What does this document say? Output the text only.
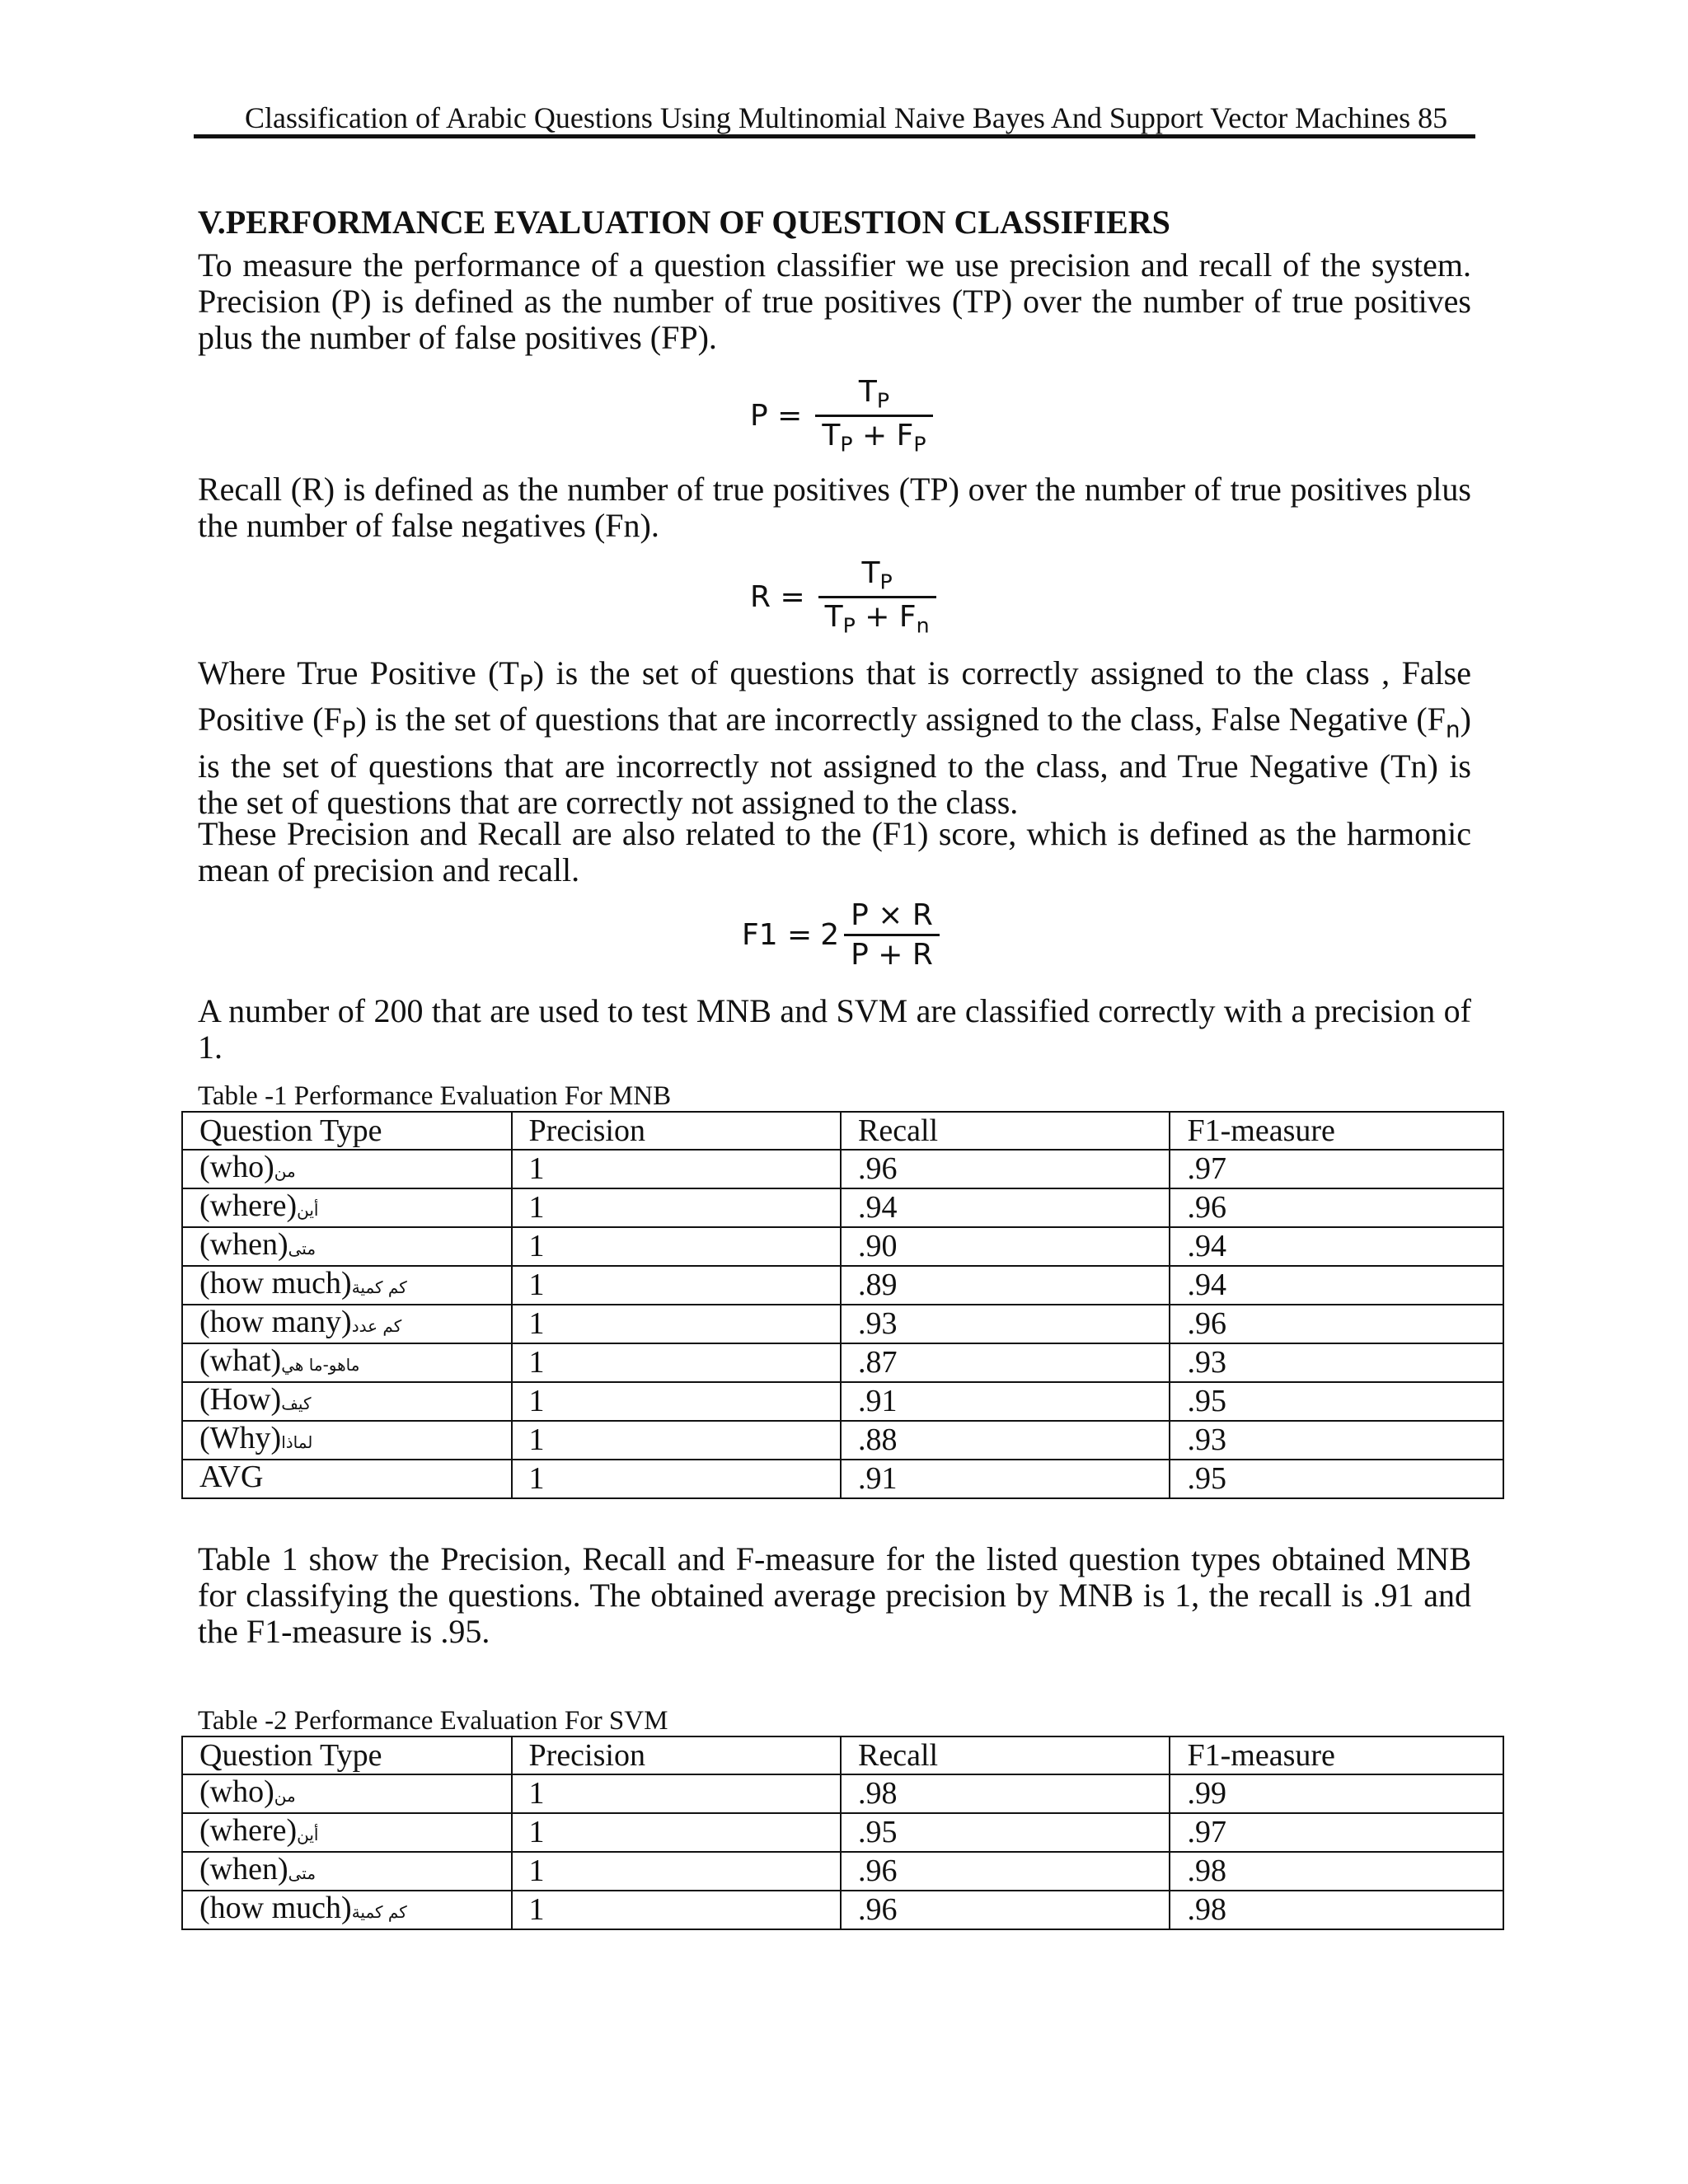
Classification of Arabic Questions Using Multinomial Naive Bayes And Support Vector Machines 85
V.PERFORMANCE EVALUATION OF QUESTION CLASSIFIERS
To measure the performance of a question classifier we use precision and recall of the system. Precision (P) is defined as the number of true positives (TP) over the number of true positives plus the number of false positives (FP).
$P = \frac{T_P}{T_P + F_P}$
Recall (R) is defined as the number of true positives (TP) over the number of true positives plus the number of false negatives (Fn).
$R = \frac{T_P}{T_P + F_n}$
Where True Positive $(T_P)$ is the set of questions that is correctly assigned to the class , False Positive $(F_P)$ is the set of questions that are incorrectly assigned to the class, False Negative $(F_n)$ is the set of questions that are incorrectly not assigned to the class, and True Negative (Tn) is the set of questions that are correctly not assigned to the class.
These Precision and Recall are also related to the (F1) score, which is defined as the harmonic mean of precision and recall.
$F1 = 2 \frac{P \times R}{P + R}$
A number of 200 that are used to test MNB and SVM are classified correctly with a precision of 1.
Table -1 Performance Evaluation For MNB
Question Type	Precision	Recall	F1-measure
(who)من	1	.96	.97
(where)أين	1	.94	.96
(when)متى	1	.90	.94
(how much)كم كمية	1	.89	.94
(how many)كم عدد	1	.93	.96
(what)ماهو-ما هي	1	.87	.93
(How)كيف	1	.91	.95
(Why)لماذا	1	.88	.93
AVG	1	.91	.95
Table 1 show the Precision, Recall and F-measure for the listed question types obtained MNB for classifying the questions. The obtained average precision by MNB is 1, the recall is .91 and the F1-measure is .95.
Table -2 Performance Evaluation For SVM
Question Type	Precision	Recall	F1-measure
(who)من	1	.98	.99
(where)أين	1	.95	.97
(when)متى	1	.96	.98
(how much)كم كمية	1	.96	.98
